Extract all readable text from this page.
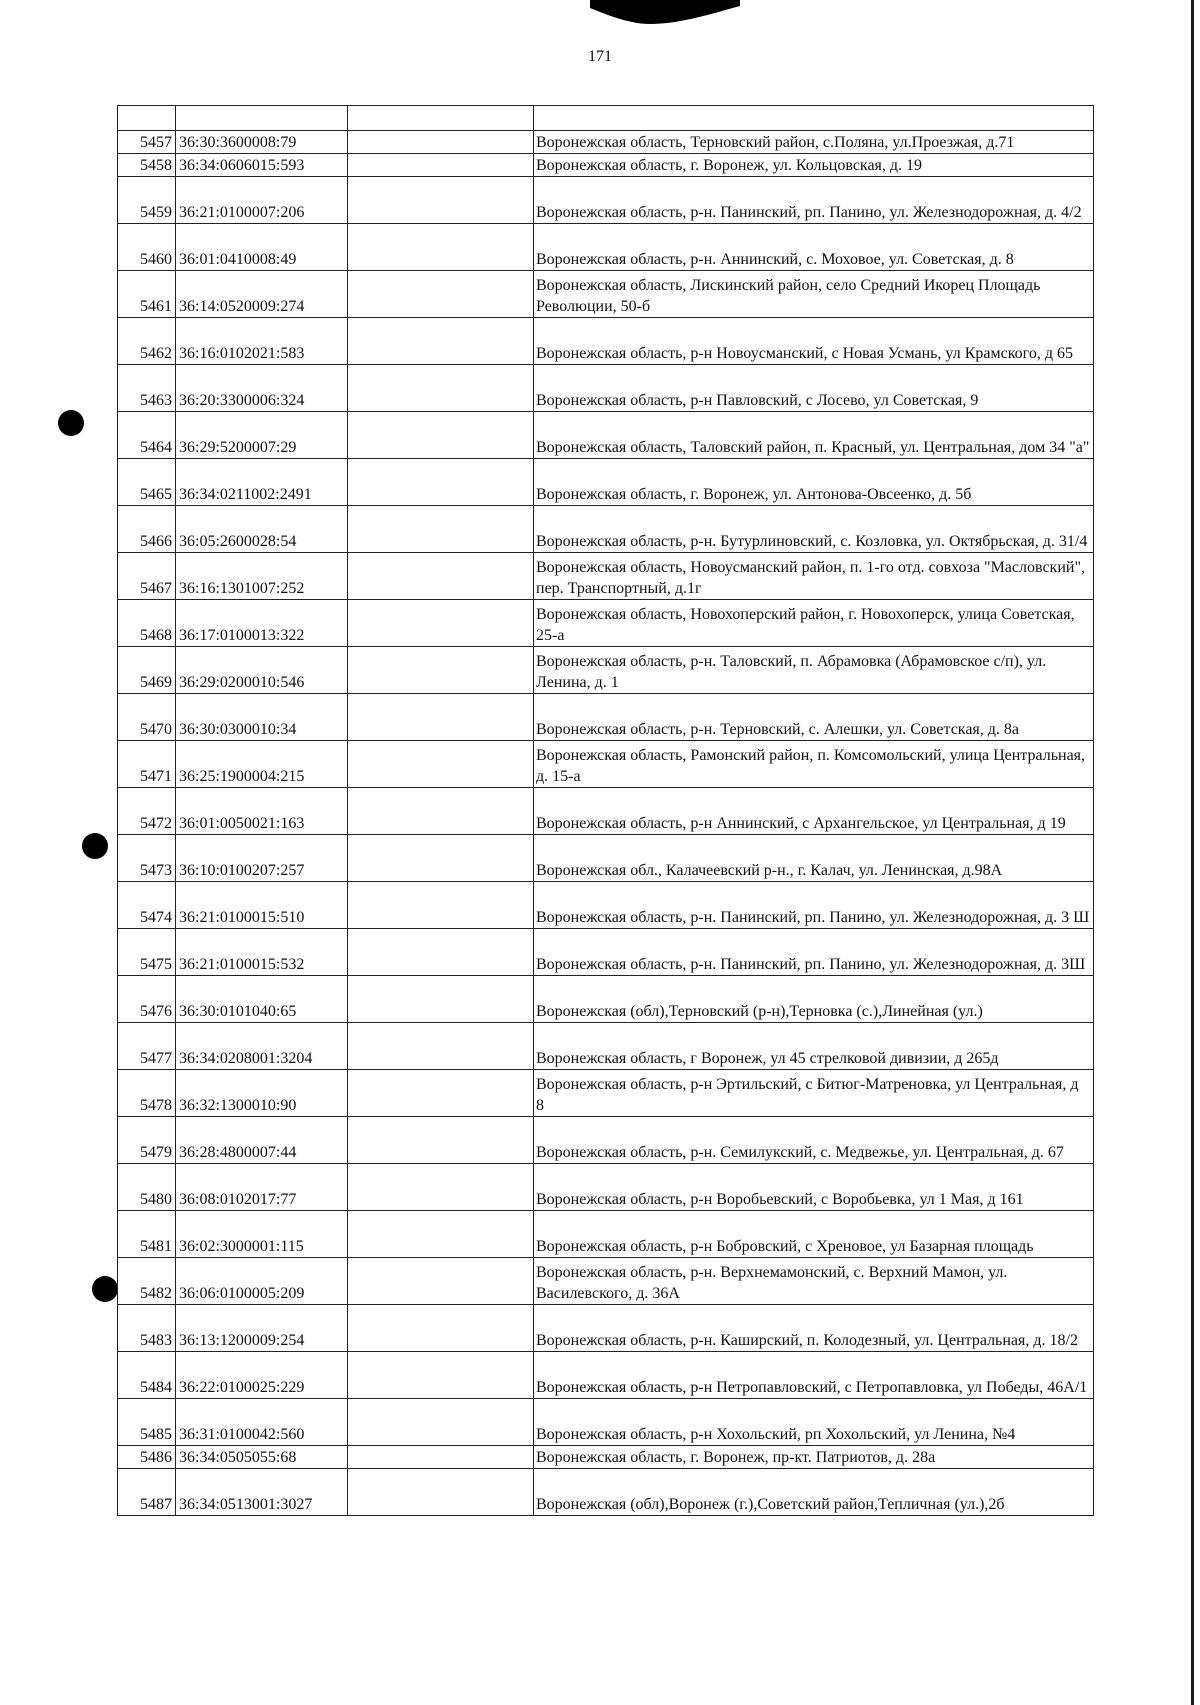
171

5457	36:30:3600008:79		Воронежская область, Терновский район, с.Поляна, ул.Проезжая, д.71
5458	36:34:0606015:593		Воронежская область, г. Воронеж, ул. Кольцовская, д. 19
5459	36:21:0100007:206		Воронежская область, р-н. Панинский, рп. Панино, ул. Железнодорожная, д. 4/2
5460	36:01:0410008:49		Воронежская область, р-н. Аннинский, с. Моховое, ул. Советская, д. 8
5461	36:14:0520009:274		Воронежская область, Лискинский район, село Средний Икорец Площадь Революции, 50-б
5462	36:16:0102021:583		Воронежская область, р-н Новоусманский, с Новая Усмань, ул Крамского, д 65
5463	36:20:3300006:324		Воронежская область, р-н Павловский, с Лосево, ул Советская, 9
5464	36:29:5200007:29		Воронежская область, Таловский район, п. Красный, ул. Центральная, дом 34 "а"
5465	36:34:0211002:2491		Воронежская область, г. Воронеж, ул. Антонова-Овсеенко, д. 5б
5466	36:05:2600028:54		Воронежская область, р-н. Бутурлиновский, с. Козловка, ул. Октябрьская, д. 31/4
5467	36:16:1301007:252		Воронежская область, Новоусманский район, п. 1-го отд. совхоза "Масловский", пер. Транспортный, д.1г
5468	36:17:0100013:322		Воронежская область, Новохоперский район, г. Новохоперск, улица Советская, 25-а
5469	36:29:0200010:546		Воронежская область, р-н. Таловский, п. Абрамовка (Абрамовское с/п), ул. Ленина, д. 1
5470	36:30:0300010:34		Воронежская область, р-н. Терновский, с. Алешки, ул. Советская, д. 8а
5471	36:25:1900004:215		Воронежская область, Рамонский район, п. Комсомольский, улица Центральная, д. 15-а
5472	36:01:0050021:163		Воронежская область, р-н Аннинский, с Архангельское, ул Центральная, д 19
5473	36:10:0100207:257		Воронежская обл., Калачеевский р-н., г. Калач, ул. Ленинская, д.98А
5474	36:21:0100015:510		Воронежская область, р-н. Панинский, рп. Панино, ул. Железнодорожная, д. 3 Ш
5475	36:21:0100015:532		Воронежская область, р-н. Панинский, рп. Панино, ул. Железнодорожная, д. 3Ш
5476	36:30:0101040:65		Воронежская (обл),Терновский (р-н),Терновка (с.),Линейная (ул.)
5477	36:34:0208001:3204		Воронежская область, г Воронеж, ул 45 стрелковой дивизии, д 265д
5478	36:32:1300010:90		Воронежская область, р-н Эртильский, с Битюг-Матреновка, ул Центральная, д 8
5479	36:28:4800007:44		Воронежская область, р-н. Семилукский, с. Медвежье, ул. Центральная, д. 67
5480	36:08:0102017:77		Воронежская область, р-н Воробьевский, с Воробьевка, ул 1 Мая, д 161
5481	36:02:3000001:115		Воронежская область, р-н Бобровский, с Хреновое, ул Базарная площадь
5482	36:06:0100005:209		Воронежская область, р-н. Верхнемамонский, с. Верхний Мамон, ул. Василевского, д. 36А
5483	36:13:1200009:254		Воронежская область, р-н. Каширский, п. Колодезный, ул. Центральная, д. 18/2
5484	36:22:0100025:229		Воронежская область, р-н Петропавловский, с Петропавловка, ул Победы, 46А/1
5485	36:31:0100042:560		Воронежская область, р-н Хохольский, рп Хохольский, ул Ленина, №4
5486	36:34:0505055:68		Воронежская область, г. Воронеж, пр-кт. Патриотов, д. 28а
5487	36:34:0513001:3027		Воронежская (обл),Воронеж (г.),Советский район,Тепличная (ул.),2б
